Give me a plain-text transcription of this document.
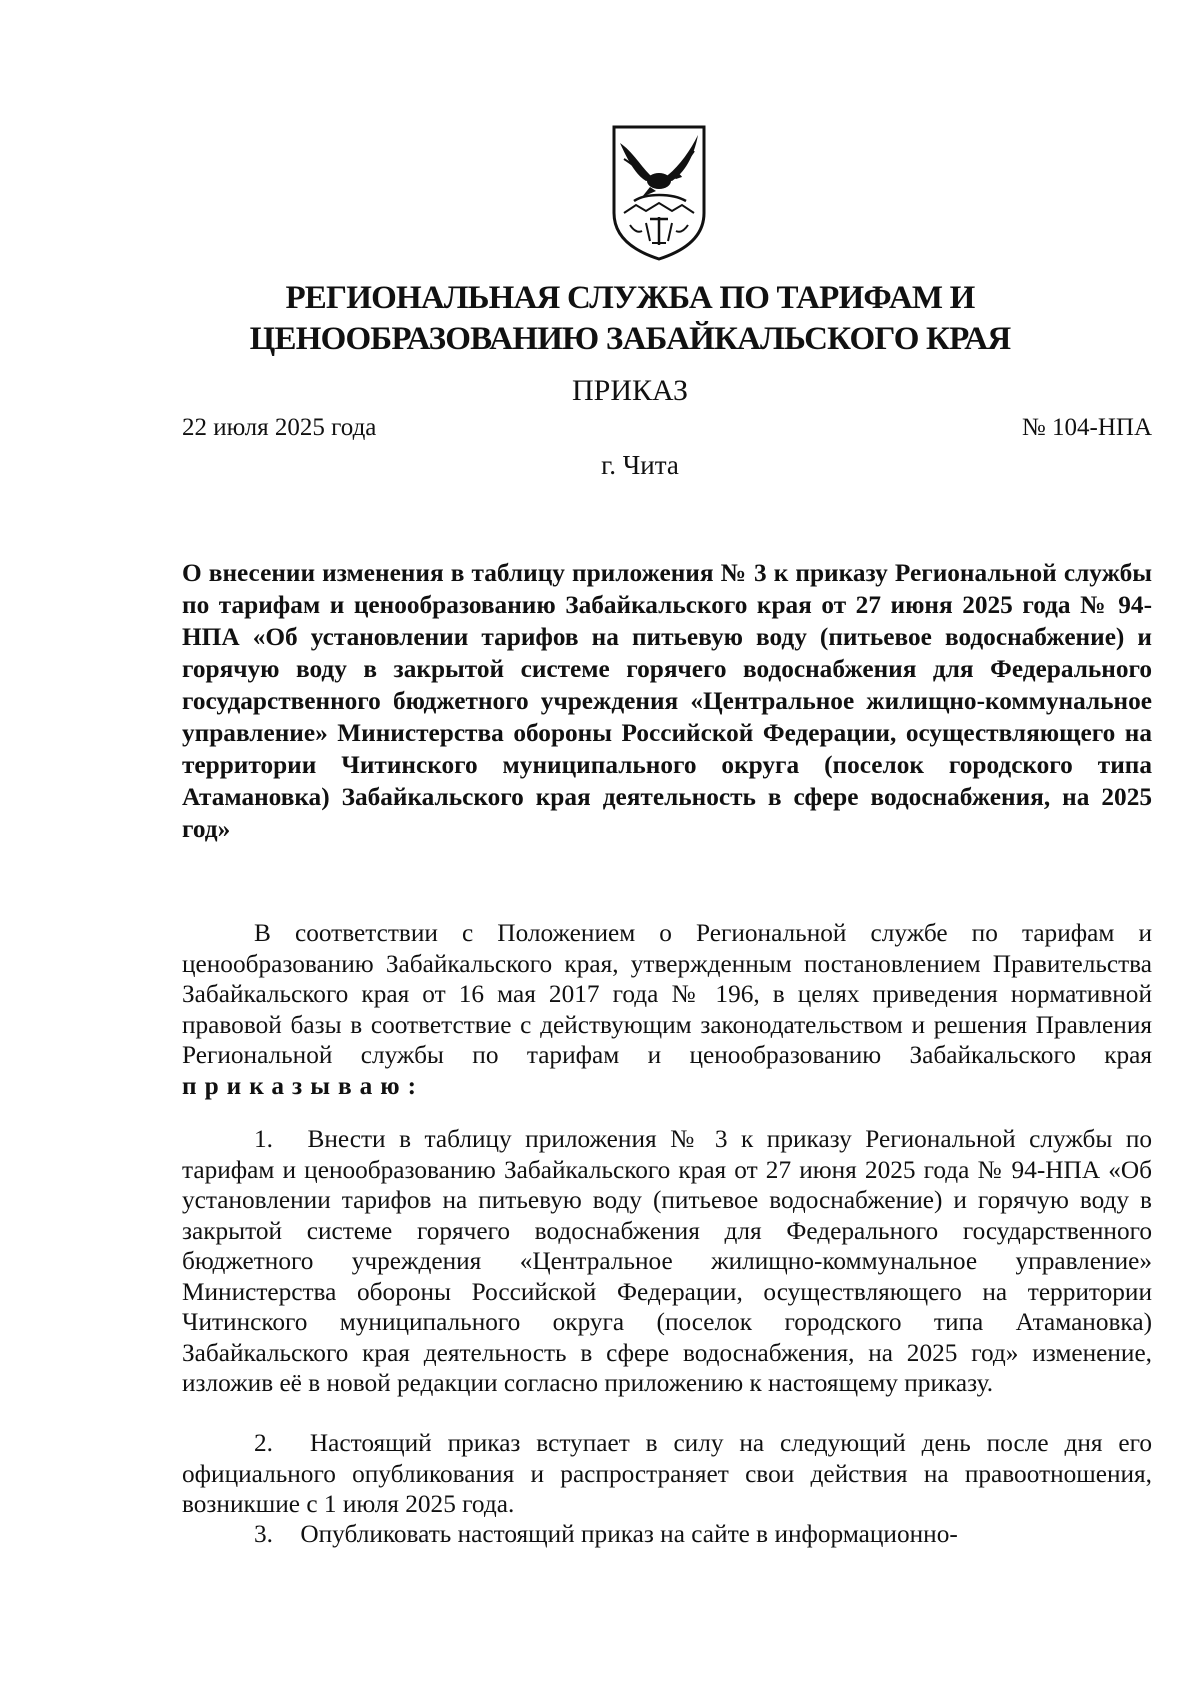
РЕГИОНАЛЬНАЯ СЛУЖБА ПО ТАРИФАМ И
ЦЕНООБРАЗОВАНИЮ ЗАБАЙКАЛЬСКОГО КРАЯ
ПРИКАЗ
22 июля 2025 года	№ 104-НПА
г. Чита

О внесении изменения в таблицу приложения № 3 к приказу Региональной службы по тарифам и ценообразованию Забайкальского края от 27 июня 2025 года № 94-НПА «Об установлении тарифов на питьевую воду (питьевое водоснабжение) и горячую воду в закрытой системе горячего водоснабжения для Федерального государственного бюджетного учреждения «Центральное жилищно-коммунальное управление» Министерства обороны Российской Федерации, осуществляющего на территории Читинского муниципального округа (поселок городского типа Атамановка) Забайкальского края деятельность в сфере водоснабжения, на 2025 год»

В соответствии с Положением о Региональной службе по тарифам и ценообразованию Забайкальского края, утвержденным постановлением Правительства Забайкальского края от 16 мая 2017 года № 196, в целях приведения нормативной правовой базы в соответствие с действующим законодательством и решения Правления Региональной службы по тарифам и ценообразованию Забайкальского края приказываю:

1. Внести в таблицу приложения № 3 к приказу Региональной службы по тарифам и ценообразованию Забайкальского края от 27 июня 2025 года № 94-НПА «Об установлении тарифов на питьевую воду (питьевое водоснабжение) и горячую воду в закрытой системе горячего водоснабжения для Федерального государственного бюджетного учреждения «Центральное жилищно-коммунальное управление» Министерства обороны Российской Федерации, осуществляющего на территории Читинского муниципального округа (поселок городского типа Атамановка) Забайкальского края деятельность в сфере водоснабжения, на 2025 год» изменение, изложив её в новой редакции согласно приложению к настоящему приказу.

2. Настоящий приказ вступает в силу на следующий день после дня его официального опубликования и распространяет свои действия на правоотношения, возникшие с 1 июля 2025 года.

3. Опубликовать настоящий приказ на сайте в информационно-
